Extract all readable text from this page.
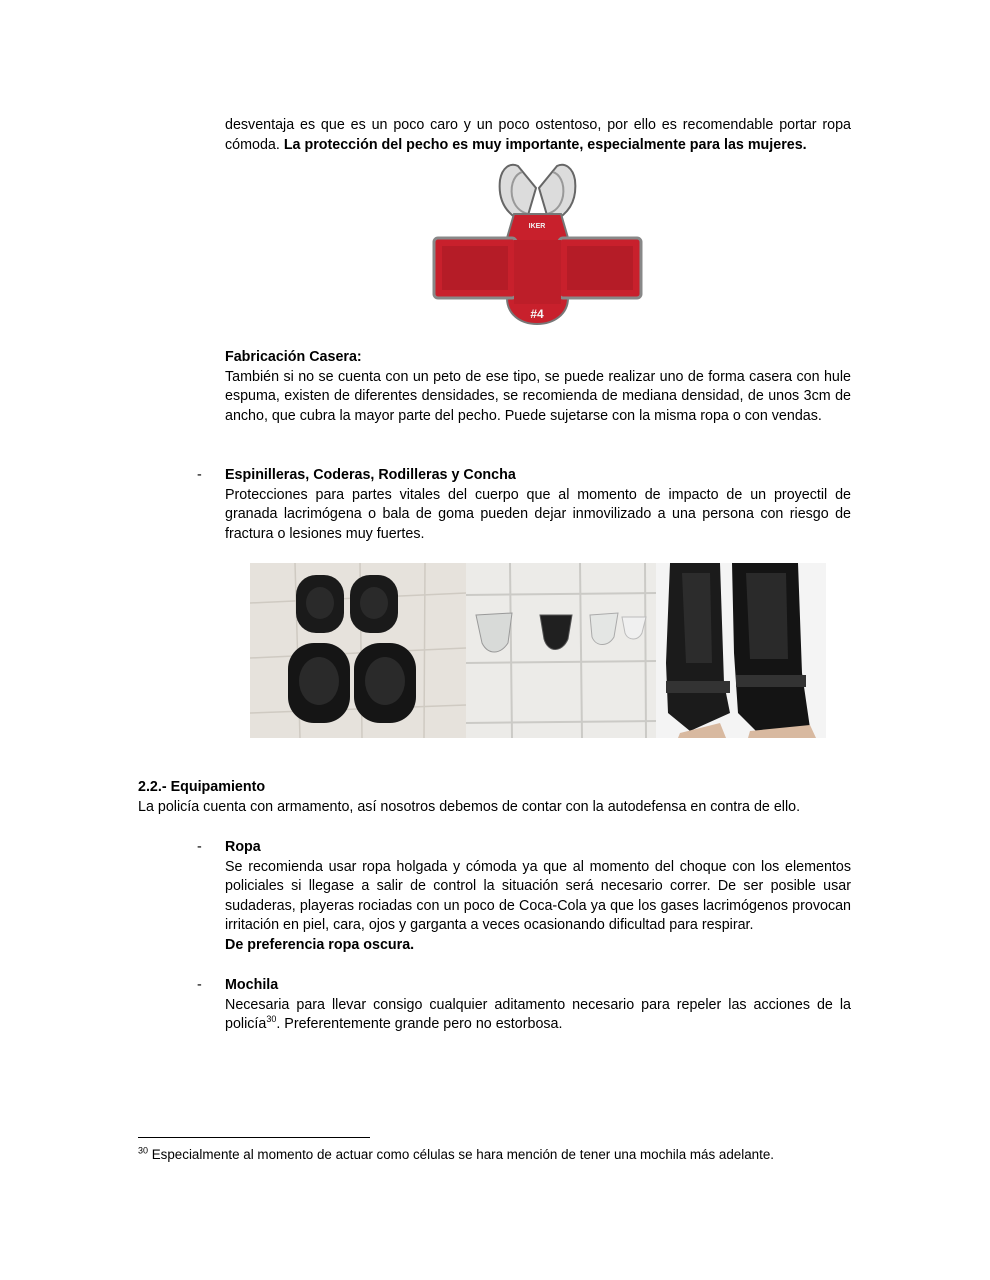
desventaja es que es un poco caro y un poco ostentoso, por ello es recomendable portar ropa
cómoda. La protección del pecho es muy importante, especialmente para las mujeres.
IKER
#4
Fabricación Casera:
También si no se cuenta con un peto de ese tipo, se puede realizar uno de forma casera con hule espuma, existen de diferentes densidades, se recomienda de mediana densidad, de unos 3cm de ancho, que cubra la mayor parte del pecho. Puede sujetarse con la misma ropa o con vendas.
- Espinilleras, Coderas, Rodilleras y Concha
Protecciones para partes vitales del cuerpo que al momento de impacto de un proyectil de granada lacrimógena o bala de goma pueden dejar inmovilizado a una persona con riesgo de fractura o lesiones muy fuertes.
2.2.- Equipamiento
La policía cuenta con armamento, así nosotros debemos de contar con la autodefensa en contra de ello.
- Ropa
Se recomienda usar ropa holgada y cómoda ya que al momento del choque con los elementos policiales si llegase a salir de control la situación será necesario correr. De ser posible usar sudaderas, playeras rociadas con un poco de Coca-Cola ya que los gases lacrimógenos provocan irritación en piel, cara, ojos y garganta a veces ocasionando dificultad para respirar.
De preferencia ropa oscura.
- Mochila
Necesaria para llevar consigo cualquier aditamento necesario para repeler las acciones de la policía$^{30}$. Preferentemente grande pero no estorbosa.
$^{30}$ Especialmente al momento de actuar como células se hara mención de tener una mochila más adelante.
